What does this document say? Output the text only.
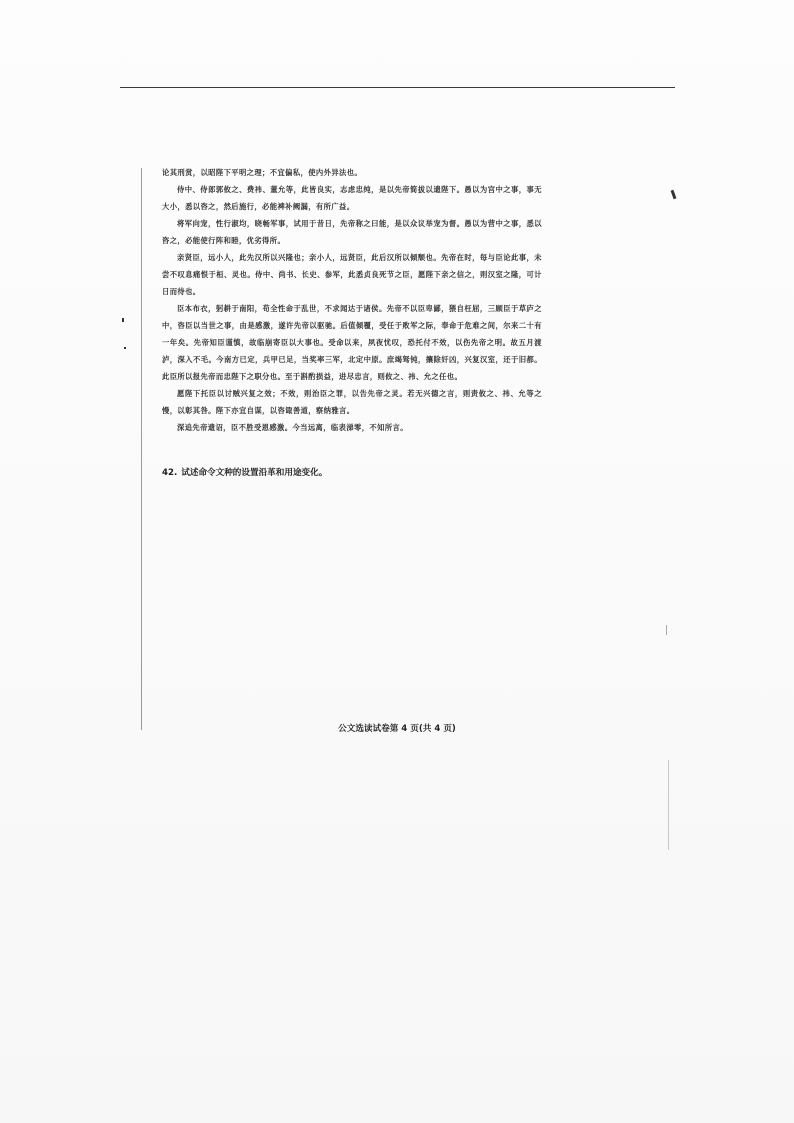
论其刑赏，以昭陛下平明之理；不宜偏私，使内外异法也。

侍中、侍郎郭攸之、费祎、董允等，此皆良实，志虑忠纯，是以先帝简拔以遗陛下。愚以为宫中之事，事无大小，悉以咨之，然后施行，必能裨补阙漏，有所广益。

将军向宠，性行淑均，晓畅军事，试用于昔日，先帝称之曰能，是以众议举宠为督。愚以为营中之事，悉以咨之，必能使行阵和睦，优劣得所。

亲贤臣，远小人，此先汉所以兴隆也；亲小人，远贤臣，此后汉所以倾颓也。先帝在时，每与臣论此事，未尝不叹息痛恨于桓、灵也。侍中、尚书、长史、参军，此悉贞良死节之臣，愿陛下亲之信之，则汉室之隆，可计日而待也。

臣本布衣，躬耕于南阳，苟全性命于乱世，不求闻达于诸侯。先帝不以臣卑鄙，猥自枉屈，三顾臣于草庐之中，咨臣以当世之事，由是感激，遂许先帝以驱驰。后值倾覆，受任于败军之际，奉命于危难之间，尔来二十有一年矣。先帝知臣谨慎，故临崩寄臣以大事也。受命以来，夙夜忧叹，恐托付不效，以伤先帝之明。故五月渡泸，深入不毛。今南方已定，兵甲已足，当奖率三军，北定中原。庶竭驽钝，攘除奸凶，兴复汉室，还于旧都。此臣所以报先帝而忠陛下之职分也。至于斟酌损益，进尽忠言，则攸之、祎、允之任也。

愿陛下托臣以讨贼兴复之效；不效，则治臣之罪，以告先帝之灵。若无兴德之言，则责攸之、祎、允等之慢，以彰其咎。陛下亦宜自谋，以咨诹善道，察纳雅言。

深追先帝遗诏，臣不胜受恩感激。今当远离，临表涕零，不知所言。

42. 试述命令文种的设置沿革和用途变化。
公文选读试卷第 4 页(共 4 页)
